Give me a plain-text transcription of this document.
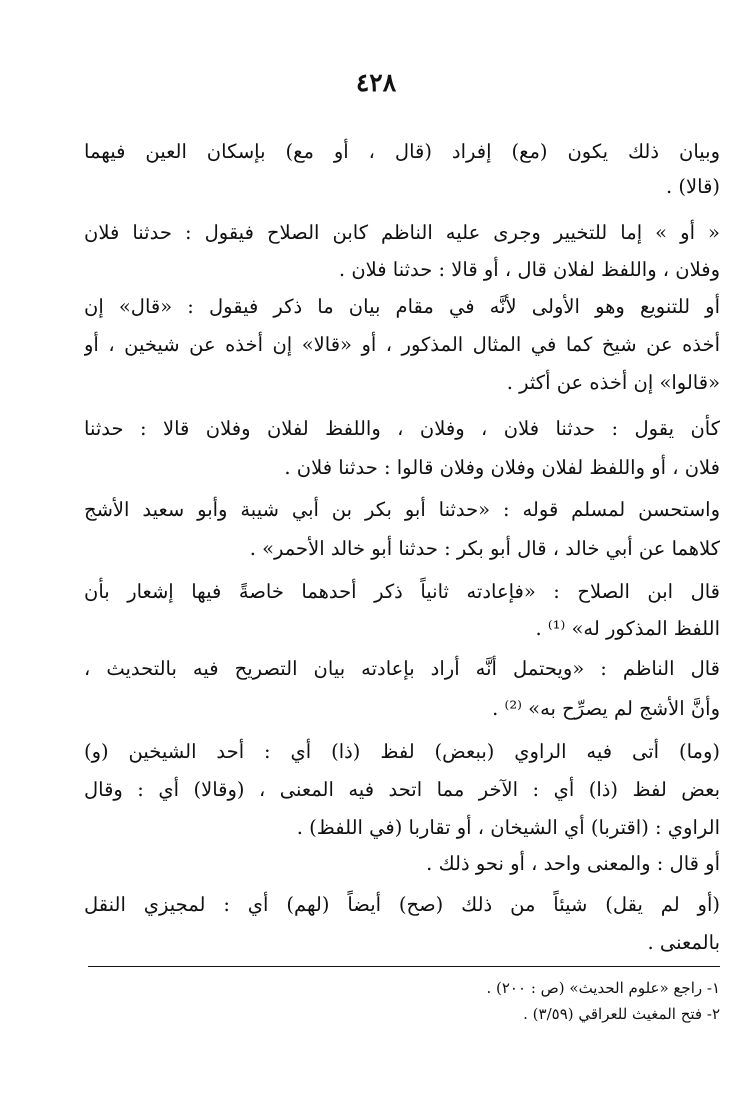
٤٢٨
وبيان ذلك يكون (مع) إفراد (قال ، أو مع) بإسكان العين فيهما
(قالا) .
« أو » إما للتخيير وجرى عليه الناظم كابن الصلاح فيقول : حدثنا فلان
وفلان ، واللفظ لفلان قال ، أو قالا : حدثنا فلان .
أو للتنويع وهو الأولى لأنَّه في مقام بيان ما ذكر فيقول : «قال» إن
أخذه عن شيخ كما في المثال المذكور ، أو «قالا» إن أخذه عن شيخين ، أو
«قالوا» إن أخذه عن أكثر .
كأن يقول : حدثنا فلان ، وفلان ، واللفظ لفلان وفلان قالا : حدثنا
فلان ، أو واللفظ لفلان وفلان وفلان قالوا : حدثنا فلان .
واستحسن لمسلم قوله : «حدثنا أبو بكر بن أبي شيبة وأبو سعيد الأشج
كلاهما عن أبي خالد ، قال أبو بكر : حدثنا أبو خالد الأحمر» .
قال ابن الصلاح : «فإعادته ثانياً ذكر أحدهما خاصةً فيها إشعار بأن
اللفظ المذكور له» ⁽¹⁾ .
قال الناظم : «ويحتمل أنَّه أراد بإعادته بيان التصريح فيه بالتحديث ،
وأنَّ الأشج لم يصرِّح به» ⁽²⁾ .
(وما) أتى فيه الراوي (ببعض) لفظ (ذا) أي : أحد الشيخين (و)
بعض لفظ (ذا) أي : الآخر مما اتحد فيه المعنى ، (وقالا) أي : وقال
الراوي : (اقتربا) أي الشيخان ، أو تقاربا (في اللفظ) .
أو قال : والمعنى واحد ، أو نحو ذلك .
(أو لم يقل) شيئاً من ذلك (صح) أيضاً (لهم) أي : لمجيزي النقل
بالمعنى .
١- راجع «علوم الحديث» (ص : ٢٠٠) .
٢- فتح المغيث للعراقي (٣/٥٩) .
